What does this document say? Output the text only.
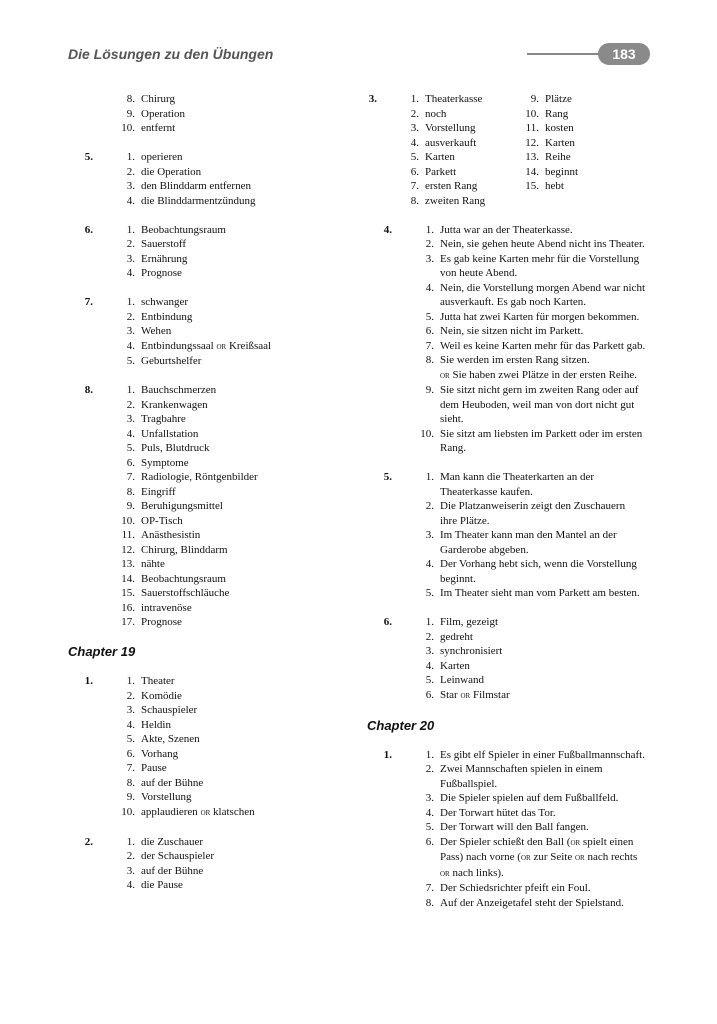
Die Lösungen zu den Übungen	183
8. Chirurg
9. Operation
10. entfernt
5.	1. operieren
2. die Operation
3. den Blinddarm entfernen
4. die Blinddarmentzündung
6.	1. Beobachtungsraum
2. Sauerstoff
3. Ernährung
4. Prognose
7.	1. schwanger
2. Entbindung
3. Wehen
4. Entbindungssaal or Kreißsaal
5. Geburtshelfer
8.	1. Bauchschmerzen
2. Krankenwagen
3. Tragbahre
4. Unfallstation
5. Puls, Blutdruck
6. Symptome
7. Radiologie, Röntgenbilder
8. Eingriff
9. Beruhigungsmittel
10. OP-Tisch
11. Anästhesistin
12. Chirurg, Blinddarm
13. nähte
14. Beobachtungsraum
15. Sauerstoffschläuche
16. intravenöse
17. Prognose
Chapter 19
1.	1. Theater
2. Komödie
3. Schauspieler
4. Heldin
5. Akte, Szenen
6. Vorhang
7. Pause
8. auf der Bühne
9. Vorstellung
10. applaudieren or klatschen
2.	1. die Zuschauer
2. der Schauspieler
3. auf der Bühne
4. die Pause
3.	1. Theaterkasse
2. noch
3. Vorstellung
4. ausverkauft
5. Karten
6. Parkett
7. ersten Rang
8. zweiten Rang
9. Plätze
10. Rang
11. kosten
12. Karten
13. Reihe
14. beginnt
15. hebt
4.	1. Jutta war an der Theaterkasse.
2. Nein, sie gehen heute Abend nicht ins Theater.
3. Es gab keine Karten mehr für die Vorstellung
von heute Abend.
4. Nein, die Vorstellung morgen Abend war nicht
ausverkauft. Es gab noch Karten.
5. Jutta hat zwei Karten für morgen bekommen.
6. Nein, sie sitzen nicht im Parkett.
7. Weil es keine Karten mehr für das Parkett gab.
8. Sie werden im ersten Rang sitzen.
or Sie haben zwei Plätze in der ersten Reihe.
9. Sie sitzt nicht gern im zweiten Rang oder auf
dem Heuboden, weil man von dort nicht gut
sieht.
10. Sie sitzt am liebsten im Parkett oder im ersten
Rang.
5.	1. Man kann die Theaterkarten an der
Theaterkasse kaufen.
2. Die Platzanweiserin zeigt den Zuschauern
ihre Plätze.
3. Im Theater kann man den Mantel an der
Garderobe abgeben.
4. Der Vorhang hebt sich, wenn die Vorstellung
beginnt.
5. Im Theater sieht man vom Parkett am besten.
6.	1. Film, gezeigt
2. gedreht
3. synchronisiert
4. Karten
5. Leinwand
6. Star or Filmstar
Chapter 20
1.	1. Es gibt elf Spieler in einer Fußballmannschaft.
2. Zwei Mannschaften spielen in einem
Fußballspiel.
3. Die Spieler spielen auf dem Fußballfeld.
4. Der Torwart hütet das Tor.
5. Der Torwart will den Ball fangen.
6. Der Spieler schießt den Ball (or spielt einen
Pass) nach vorne (or zur Seite or nach rechts
or nach links).
7. Der Schiedsrichter pfeift ein Foul.
8. Auf der Anzeigetafel steht der Spielstand.
